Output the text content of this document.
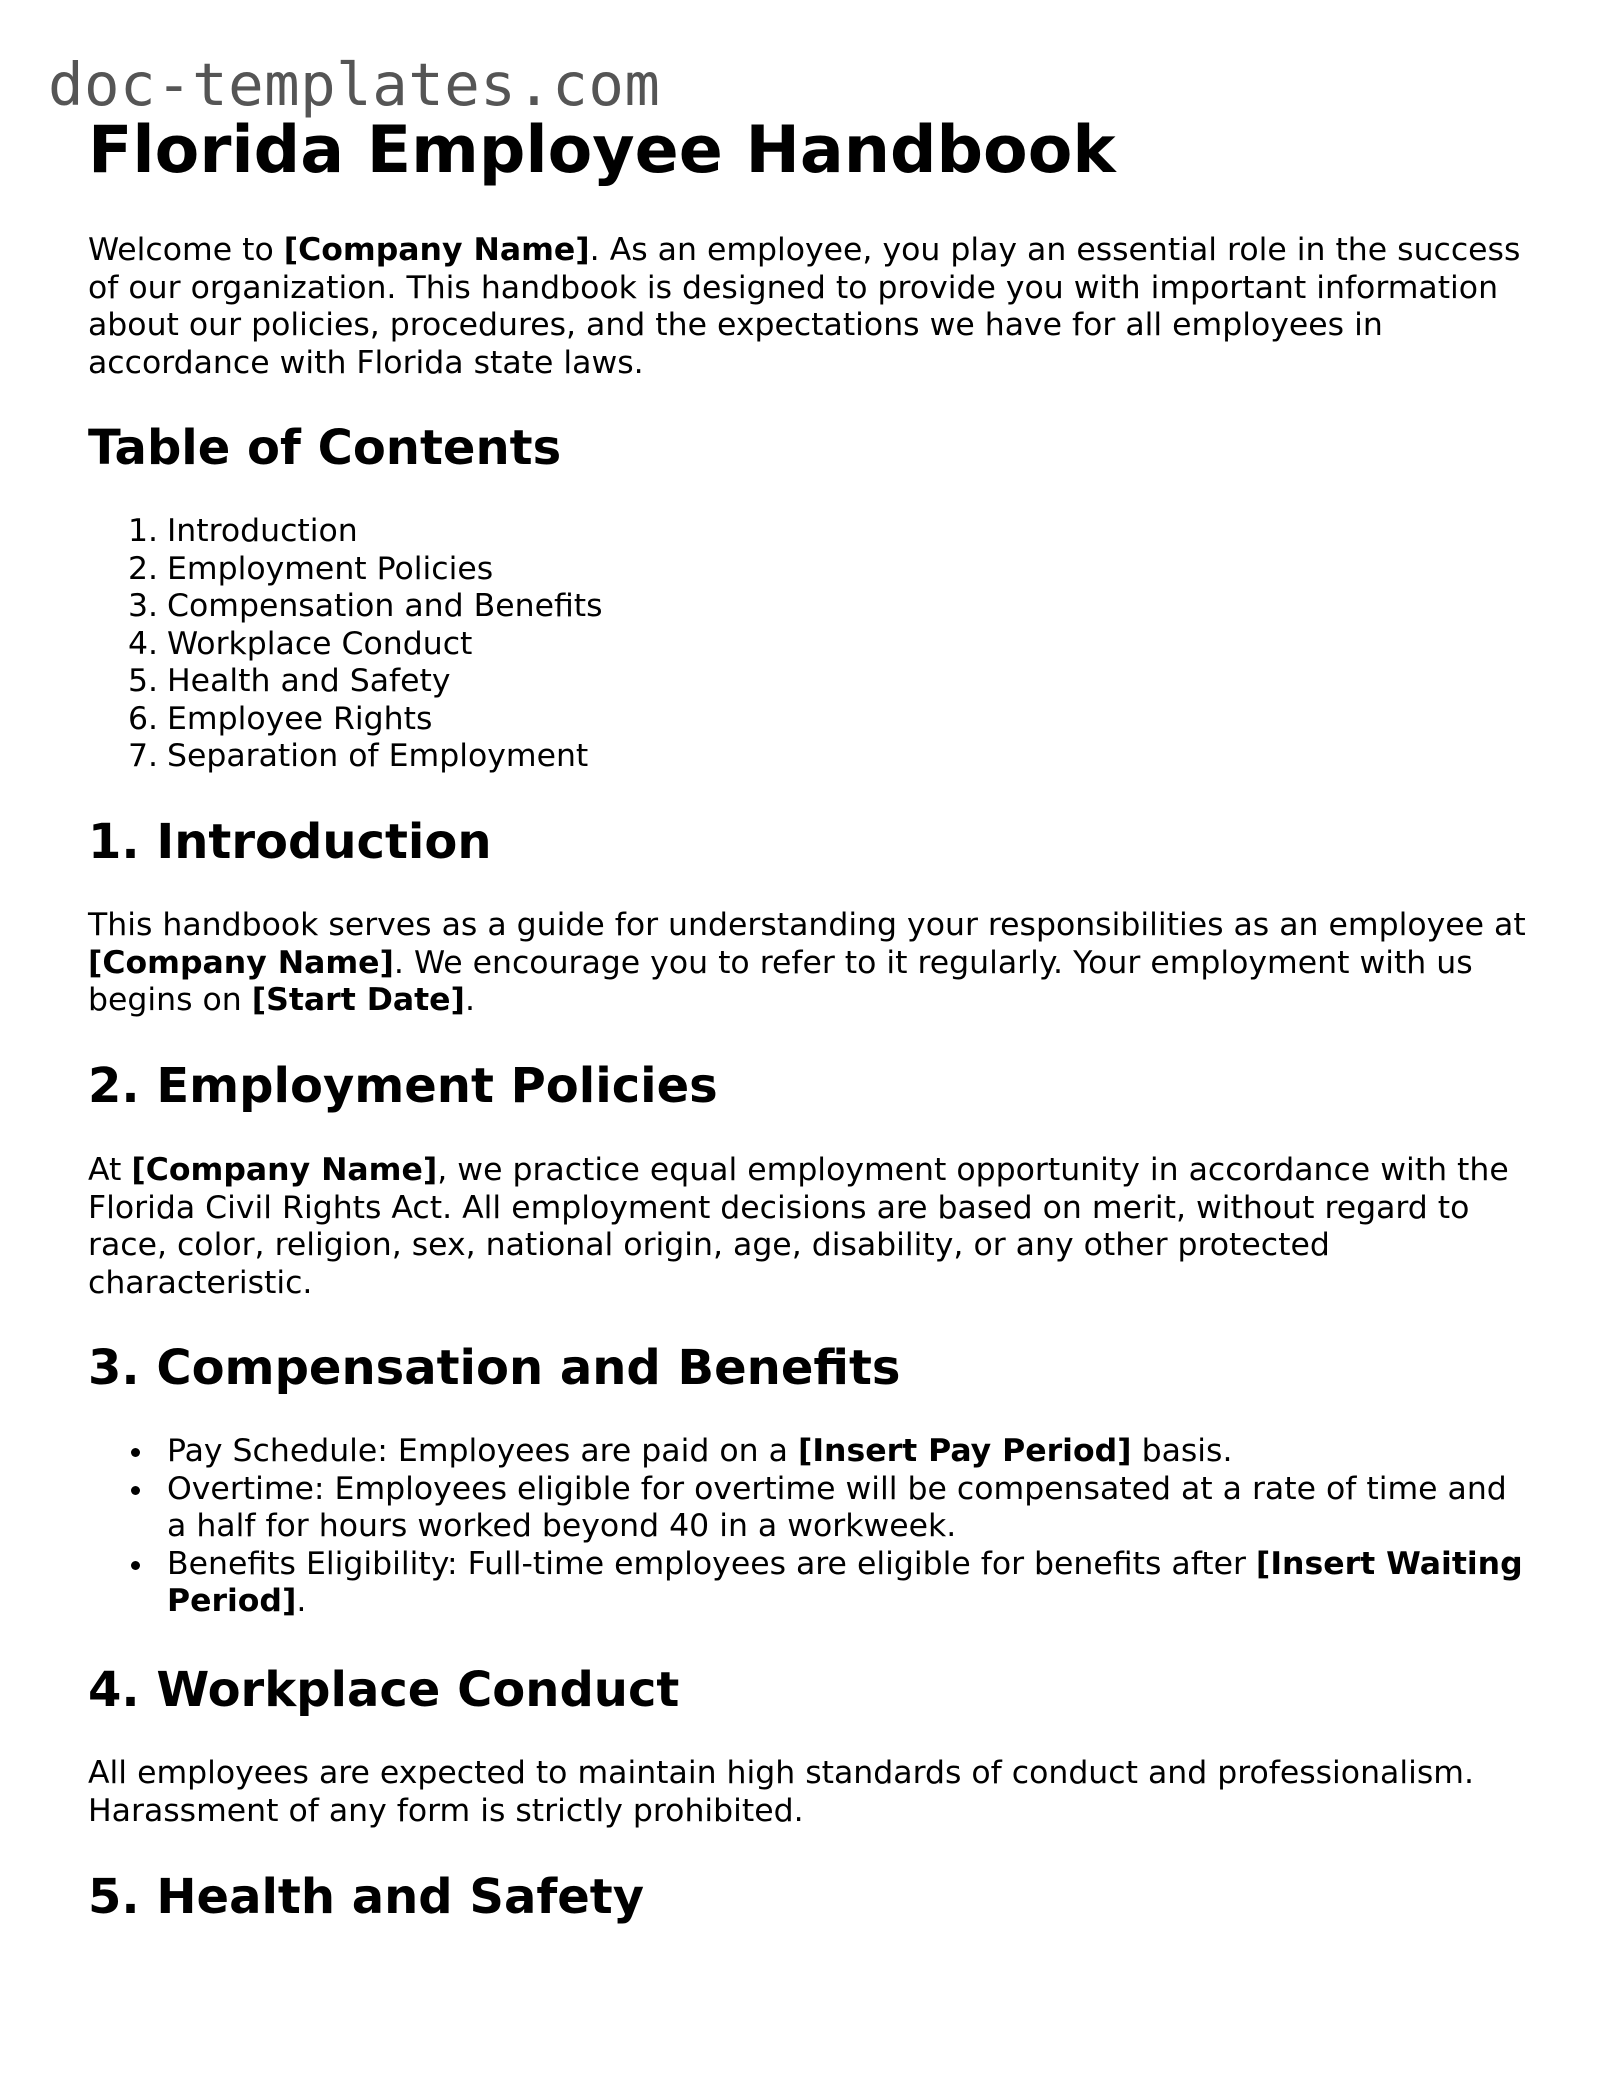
doc-templates.com
Florida Employee Handbook

Welcome to [Company Name]. As an employee, you play an essential role in the success of our organization. This handbook is designed to provide you with important information about our policies, procedures, and the expectations we have for all employees in accordance with Florida state laws.

Table of Contents
1. Introduction
2. Employment Policies
3. Compensation and Benefits
4. Workplace Conduct
5. Health and Safety
6. Employee Rights
7. Separation of Employment
1. Introduction

This handbook serves as a guide for understanding your responsibilities as an employee at [Company Name]. We encourage you to refer to it regularly. Your employment with us begins on [Start Date].

2. Employment Policies

At [Company Name], we practice equal employment opportunity in accordance with the Florida Civil Rights Act. All employment decisions are based on merit, without regard to race, color, religion, sex, national origin, age, disability, or any other protected characteristic.

3. Compensation and Benefits
Pay Schedule: Employees are paid on a [Insert Pay Period] basis.
Overtime: Employees eligible for overtime will be compensated at a rate of time and a half for hours worked beyond 40 in a workweek.
Benefits Eligibility: Full-time employees are eligible for benefits after [Insert Waiting Period].
4. Workplace Conduct

All employees are expected to maintain high standards of conduct and professionalism. Harassment of any form is strictly prohibited.

5. Health and Safety
